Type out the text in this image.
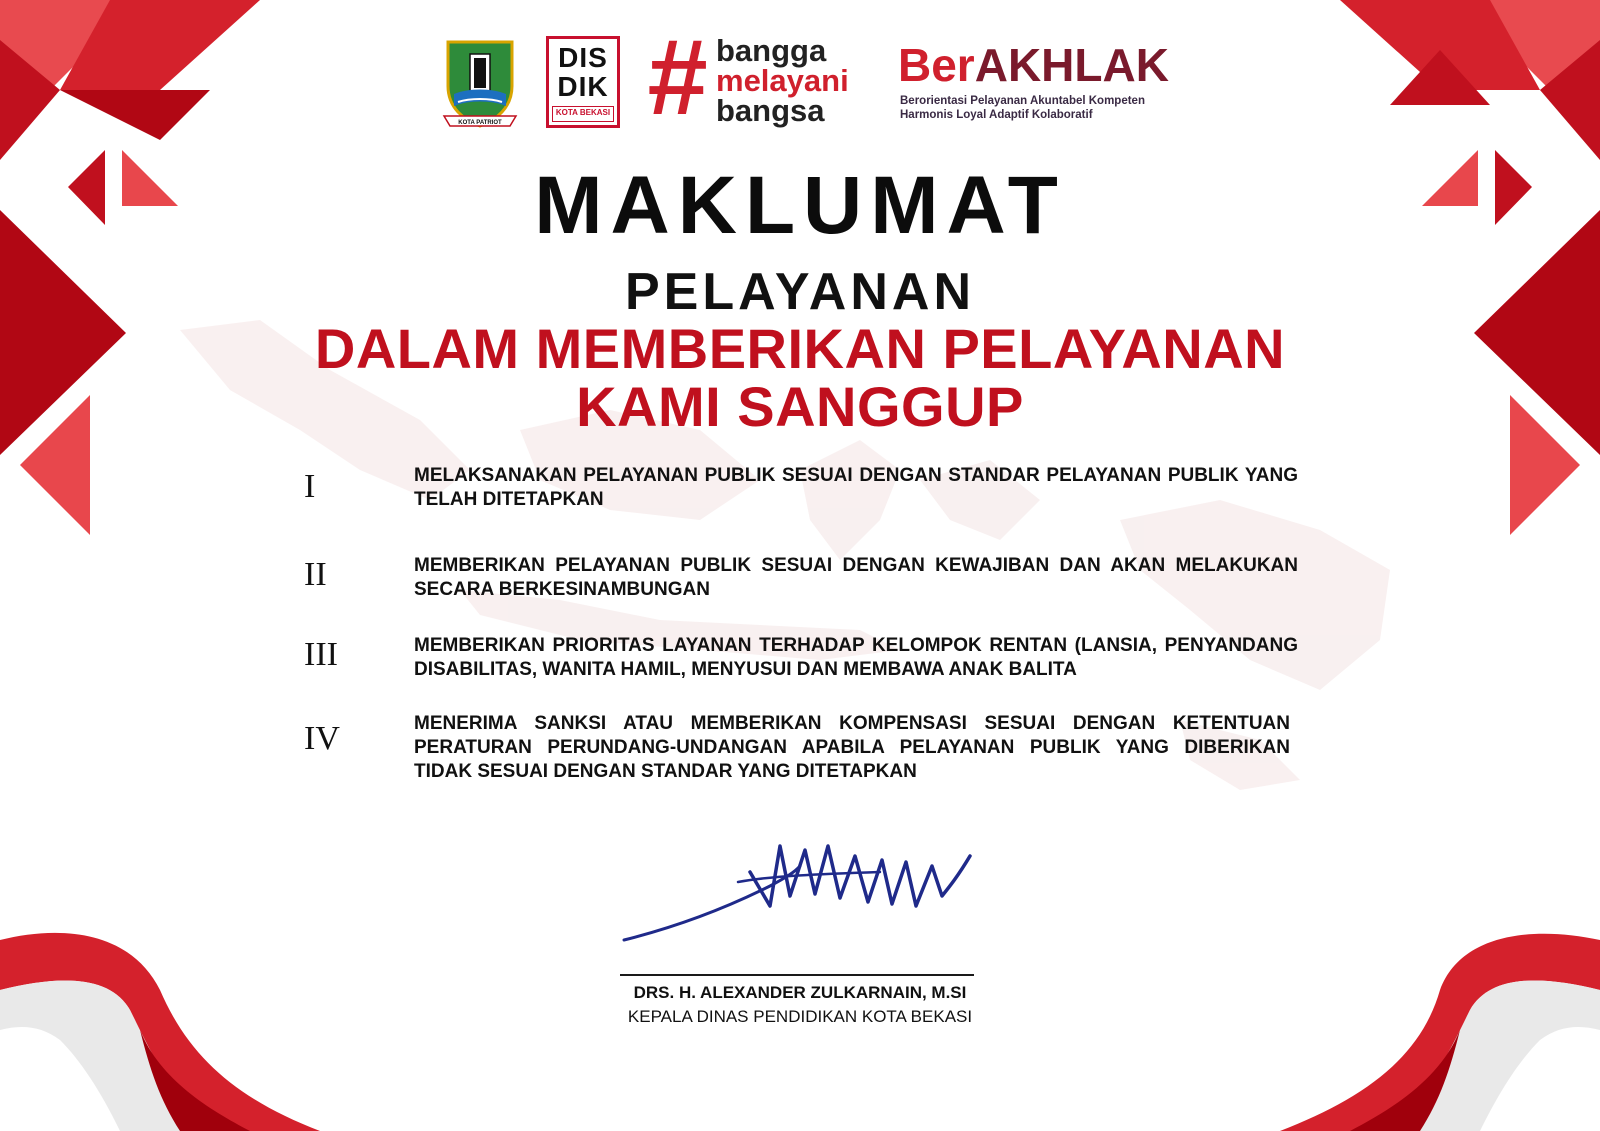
KOTA PATRIOT
DIS
DIK
KOTA BEKASI # bangga
melayani
bangsa
BerAKHLAK
Berorientasi Pelayanan Akuntabel Kompeten
Harmonis Loyal Adaptif Kolaboratif
MAKLUMAT
PELAYANAN
DALAM MEMBERIKAN PELAYANAN
KAMI SANGGUP
I	MELAKSANAKAN PELAYANAN PUBLIK SESUAI DENGAN STANDAR PELAYANAN PUBLIK YANG TELAH DITETAPKAN
II	MEMBERIKAN PELAYANAN PUBLIK SESUAI DENGAN KEWAJIBAN DAN AKAN MELAKUKAN SECARA BERKESINAMBUNGAN
III	MEMBERIKAN PRIORITAS LAYANAN TERHADAP KELOMPOK RENTAN (LANSIA, PENYANDANG DISABILITAS, WANITA HAMIL, MENYUSUI DAN MEMBAWA ANAK BALITA
IV	MENERIMA SANKSI ATAU MEMBERIKAN KOMPENSASI SESUAI DENGAN KETENTUAN PERATURAN PERUNDANG-UNDANGAN APABILA PELAYANAN PUBLIK YANG DIBERIKAN TIDAK SESUAI DENGAN STANDAR YANG DITETAPKAN
DRS. H. ALEXANDER ZULKARNAIN, M.SI
KEPALA DINAS PENDIDIKAN KOTA BEKASI
